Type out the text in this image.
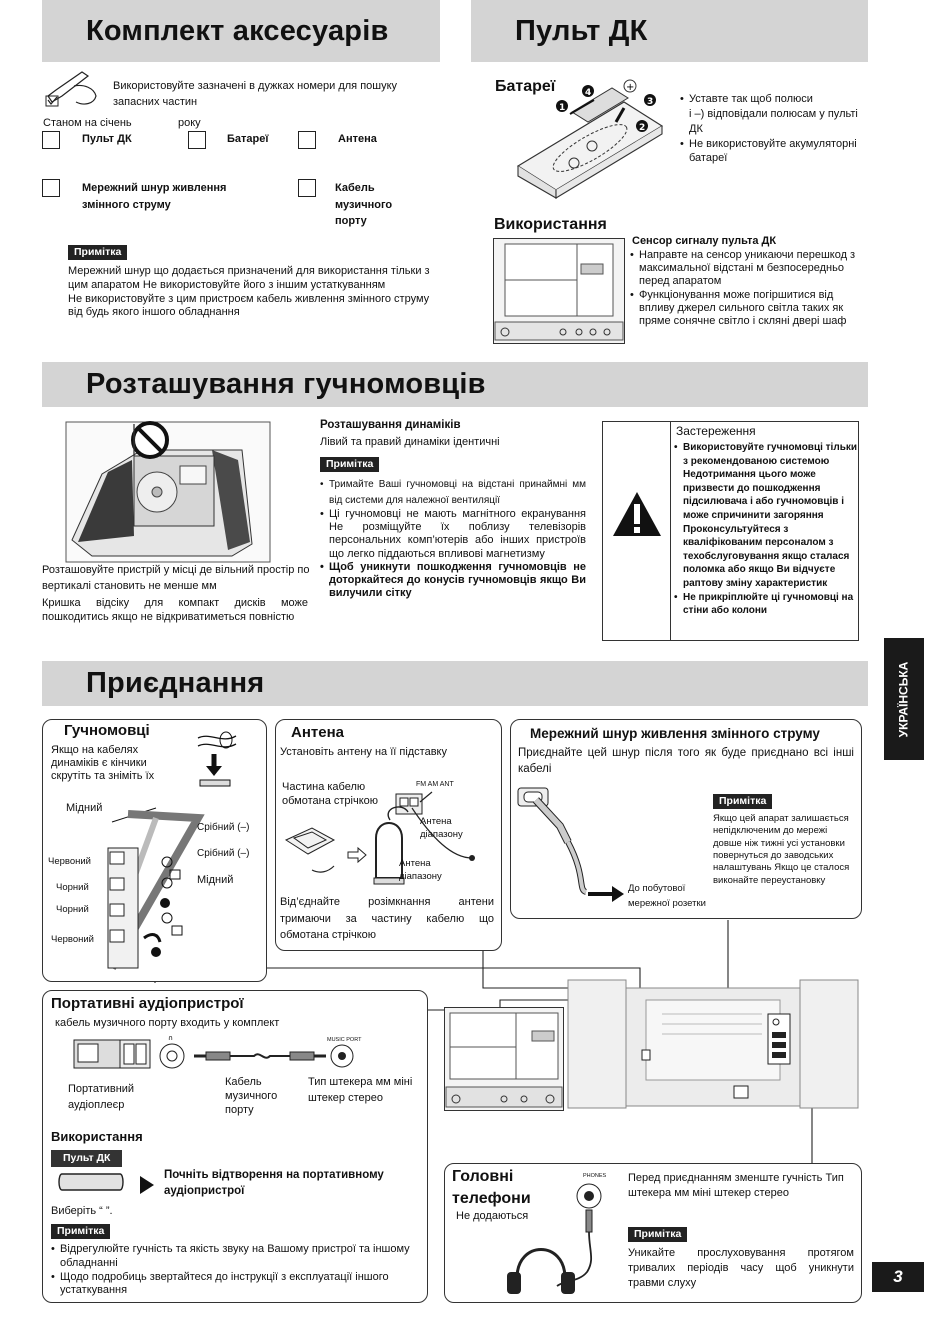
Комплект аксесуарів	Пульт ДК
Використовуйте зазначені в дужках номери для пошуку запасних частин
Станом на січень	року
Пульт ДК	Батареї	Антена
Мережний шнур живлення змінного струму
Кабель музичного порту
Примітка
Мережний шнур що додається призначений для використання тільки з цим апаратом Не використовуйте його з іншим устаткуванням
Не використовуйте з цим пристроєм кабель живлення змінного струму від будь якого іншого обладнання
Батареї	+
1
4
3
2
• Уставте так щоб полюси
і –) відповідали полюсам у пульті ДК
• Не використовуйте акумуляторні батареї
Використання
Сенсор сигналу пульта ДК
• Направте на сенсор уникаючи перешкод з максимальної відстані м безпосередньо перед апаратом
• Функціонування може погіршитися від впливу джерел сильного світла таких як пряме сонячне світло і скляні двері шаф
Розташування гучномовців
Розташовуйте пристрій у місці де вільний простір по вертикалі становить не менше мм
Кришка відсіку для компакт дисків може пошкодитись якщо не відкриватиметься повністю
Розташування динаміків
Лівий та правий динаміки ідентичні
Примітка
• Тримайте Ваші гучномовці на відстані принаймні мм від системи для належної вентиляції
• Ці гучномовці не мають магнітного екранування Не розміщуйте їх поблизу телевізорів персональних комп’ютерів або інших пристроїв що легко піддаються впливові магнетизму
• Щоб уникнути пошкодження гучномовців не доторкайтеся до конусів гучномовців якщо Ви вилучили сітку
Застереження
• Використовуйте гучномовці тільки з рекомендованою системою Недотримання цього може призвести до пошкодження підсилювача і або гучномовців і може спричинити загоряння Проконсультуйтеся з кваліфікованим персоналом з техобслуговування якщо сталася поломка або якщо Ви відчуєте раптову зміну характеристик
• Не прикріплюйте ці гучномовці на стіни або колони
Приєднання	УКРАЇНСЬКА
Гучномовці
Якщо на кабелях динаміків є кінчики скрутіть та зніміть їх
Мідний
Срібний (–)
Срібний (–)
Мідний
Червоний
Чорний
Чорний
Червоний
Антена
Установіть антену на її підставку
Частина кабелю обмотана стрічкою
FM AM ANT
Антена діапазону
Антена діапазону
Від’єднайте розімкнання антени тримаючи за частину кабелю що обмотана стрічкою
Мережний шнур живлення змінного струму
Приєднайте цей шнур після того як буде приєднано всі інші кабелі
До побутової мережної розетки
Примітка
Якщо цей апарат залишається непідключеним до мережі довше ніж тижні усі установки повернуться до заводських налаштувань Якщо це сталося виконайте переустановку
Портативні аудіопристрої
кабель музичного порту входить у комплект
∩	MUSIC PORT
Портативний аудіоплеєр
Кабель музичного порту
Тип штекера мм міні штекер стерео
Використання
Пульт ДК
Почніть відтворення на портативному аудіопристрої
Виберіть “ ”.
Примітка
• Відрегулюйте гучність та якість звуку на Вашому пристрої та іншому обладнанні
• Щодо подробиць звертайтеся до інструкції з експлуатації іншого устаткування
Головні телефони
Не додаються
PHONES Перед приєднанням зменште гучність Тип штекера мм міні штекер стерео
Примітка
Уникайте прослуховування протягом тривалих періодів часу щоб уникнути травми слуху	3
